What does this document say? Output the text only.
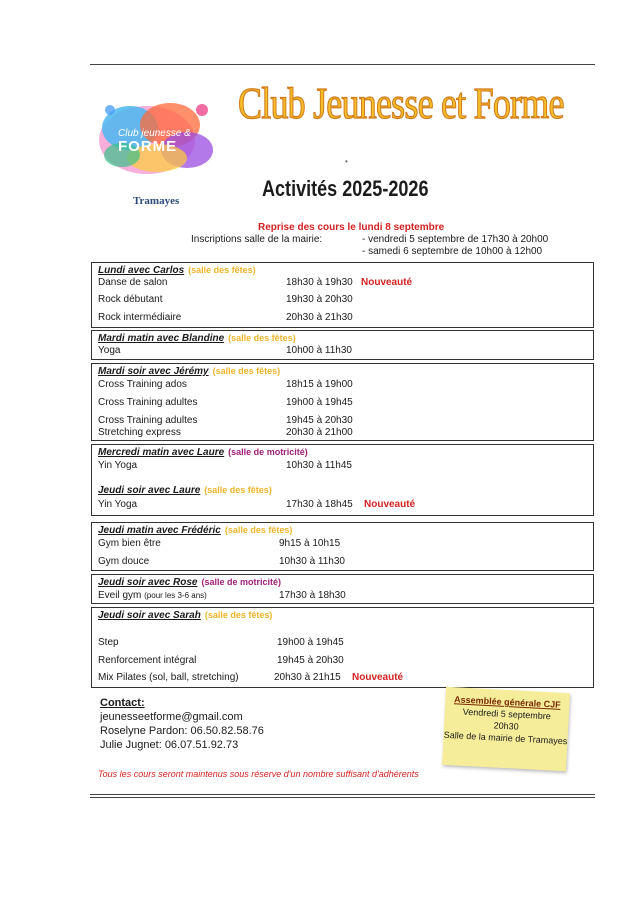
Club jeunesse &
FORME
Tramayes
Club Jeunesse et Forme
•
Activités 2025-2026
Reprise des cours le lundi 8 septembre
Inscriptions salle de la mairie:	- vendredi 5 septembre de 17h30 à 20h00
- samedi 6 septembre de 10h00 à 12h00
Lundi avec Carlos (salle des fêtes)
Danse de salon	18h30 à 19h30 Nouveauté
Rock débutant	19h30 à 20h30
Rock intermédiaire	20h30 à 21h30
Mardi matin avec Blandine (salle des fêtes)
Yoga	10h00 à 11h30
Mardi soir avec Jérémy (salle des fêtes)
Cross Training ados	18h15 à 19h00
Cross Training adultes	19h00 à 19h45
Cross Training adultes	19h45 à 20h30
Stretching express	20h30 à 21h00
Mercredi matin avec Laure (salle de motricité)
Yin Yoga	10h30 à 11h45
Jeudi soir avec Laure (salle des fêtes)
Yin Yoga	17h30 à 18h45 Nouveauté
Jeudi matin avec Frédéric (salle des fêtes)
Gym bien être	9h15 à 10h15
Gym douce	10h30 à 11h30
Jeudi soir avec Rose (salle de motricité)
Eveil gym (pour les 3-6 ans)	17h30 à 18h30
Jeudi soir avec Sarah (salle des fêtes)
Step	19h00 à 19h45
Renforcement intégral	19h45 à 20h30
Mix Pilates (sol, ball, stretching)	20h30 à 21h15 Nouveauté
Contact:
jeunesseetforme@gmail.com
Roselyne Pardon: 06.50.82.58.76
Julie Jugnet: 06.07.51.92.73
Assemblée générale CJF
Vendredi 5 septembre
20h30
Salle de la mairie de Tramayes
Tous les cours seront maintenus sous réserve d'un nombre suffisant d'adhérents
